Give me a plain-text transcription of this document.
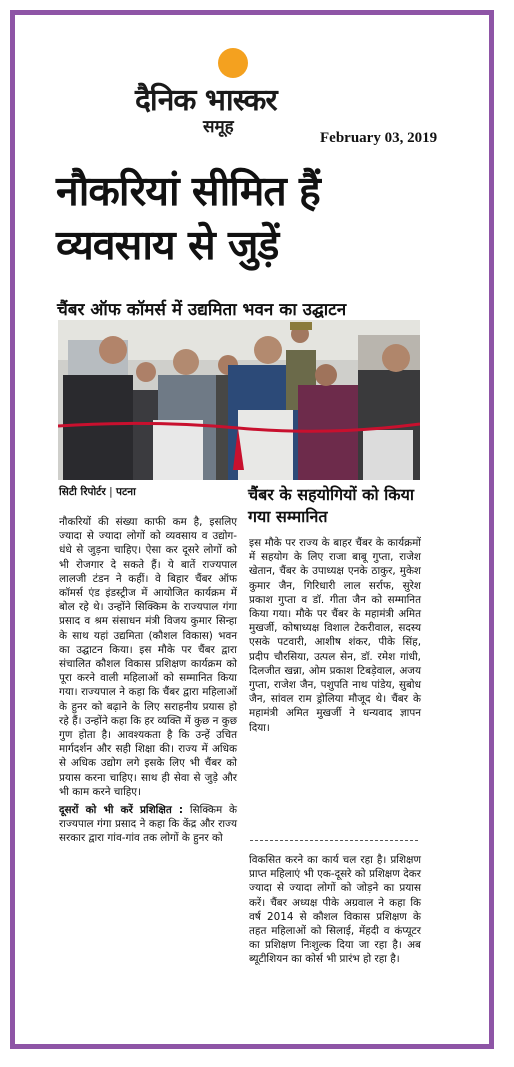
दैनिक भास्कर
समूह
February 03, 2019
नौकरियां सीमित हैं
व्यवसाय से जुड़ें
चैंबर ऑफ कॉमर्स में उद्यमिता भवन का उद्घाटन
सिटी रिपोर्टर | पटना

नौकरियों की संख्या काफी कम है, इसलिए ज्यादा से ज्यादा लोगों को व्यवसाय व उद्योग-धंधे से जुड़ना चाहिए। ऐसा कर दूसरे लोगों को भी रोजगार दे सकते हैं। ये बातें राज्यपाल लालजी टंडन ने कहीं। वे बिहार चैंबर ऑफ कॉमर्स एंड इंडस्ट्रीज में आयोजित कार्यक्रम में बोल रहे थे। उन्होंने सिक्किम के राज्यपाल गंगा प्रसाद व श्रम संसाधन मंत्री विजय कुमार सिन्हा के साथ यहां उद्यमिता (कौशल विकास) भवन का उद्घाटन किया। इस मौके पर चैंबर द्वारा संचालित कौशल विकास प्रशिक्षण कार्यक्रम को पूरा करने वाली महिलाओं को सम्मानित किया गया। राज्यपाल ने कहा कि चैंबर द्वारा महिलाओं के हुनर को बढ़ाने के लिए सराहनीय प्रयास हो रहे हैं। उन्होंने कहा कि हर व्यक्ति में कुछ न कुछ गुण होता है। आवश्यकता है कि उन्हें उचित मार्गदर्शन और सही शिक्षा की। राज्य में अधिक से अधिक उद्योग लगे इसके लिए भी चैंबर को प्रयास करना चाहिए। साथ ही सेवा से जुड़े और भी काम करने चाहिए।

दूसरों को भी करें प्रशिक्षित : सिक्किम के राज्यपाल गंगा प्रसाद ने कहा कि केंद्र और राज्य सरकार द्वारा गांव-गांव तक लोगों के हुनर को

चैंबर के सहयोगियों को किया गया सम्मानित
इस मौके पर राज्य के बाहर चैंबर के कार्यक्रमों में सहयोग के लिए राजा बाबू गुप्ता, राजेश खेतान, चैंबर के उपाध्यक्ष एनके ठाकुर, मुकेश कुमार जैन, गिरिधारी लाल सर्राफ, सुरेश प्रकाश गुप्ता व डॉ. गीता जैन को सम्मानित किया गया। मौके पर चैंबर के महामंत्री अमित मुखर्जी, कोषाध्यक्ष विशाल टेकरीवाल, सदस्य एसके पटवारी, आशीष शंकर, पीके सिंह, प्रदीप चौरसिया, उत्पल सेन, डॉ. रमेश गांधी, दिलजीत खन्ना, ओम प्रकाश टिबड़ेवाल, अजय गुप्ता, राजेश जैन, पशुपति नाथ पांडेय, सुबोध जैन, सांवल राम ड्रोलिया मौजूद थे। चैंबर के महामंत्री अमित मुखर्जी ने धन्यवाद ज्ञापन दिया।
विकसित करने का कार्य चल रहा है। प्रशिक्षण प्राप्त महिलाएं भी एक-दूसरे को प्रशिक्षण देकर ज्यादा से ज्यादा लोगों को जोड़ने का प्रयास करें। चैंबर अध्यक्ष पीके अग्रवाल ने कहा कि वर्ष 2014 से कौशल विकास प्रशिक्षण के तहत महिलाओं को सिलाई, मेंहदी व कंप्यूटर का प्रशिक्षण निःशुल्क दिया जा रहा है। अब ब्यूटीशियन का कोर्स भी प्रारंभ हो रहा है।
